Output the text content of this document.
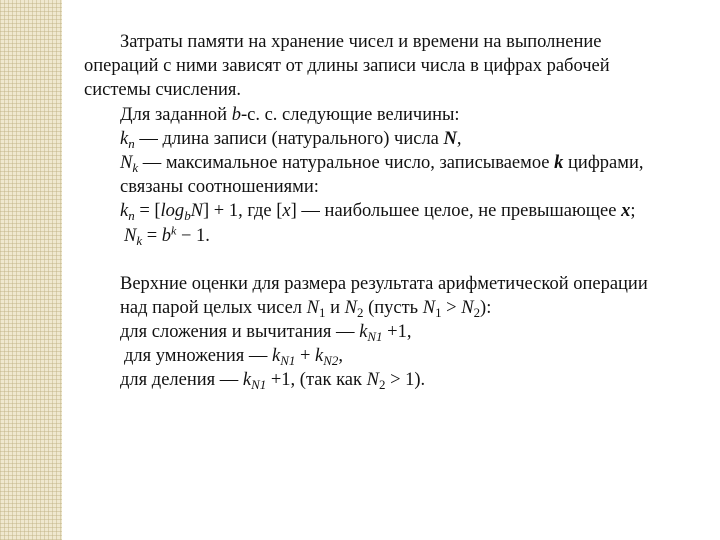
Затраты памяти на хранение чисел и времени на выполнение
операций с ними зависят от длины записи числа в цифрах рабочей
системы счисления.
Для заданной b-с. с. следующие величины:
$k_n$ — длина записи (натурального) числа N,
$N_k$ — максимальное натуральное число, записываемое k цифрами,
связаны соотношениями:
$k_n = [\log_bN] + 1$, где [x] — наибольшее целое, не превышающее x;
$N_k = b^k - 1$.
Верхние оценки для размера результата арифметической операции
над парой целых чисел $N_1$ и $N_2$ (пусть $N_1 > N_2$):
для сложения и вычитания — $k_{N1} +1$,
для умножения — $k_{N1} + k_{N2}$,
для деления — $k_{N1} +1$, (так как $N_2 > 1$).
